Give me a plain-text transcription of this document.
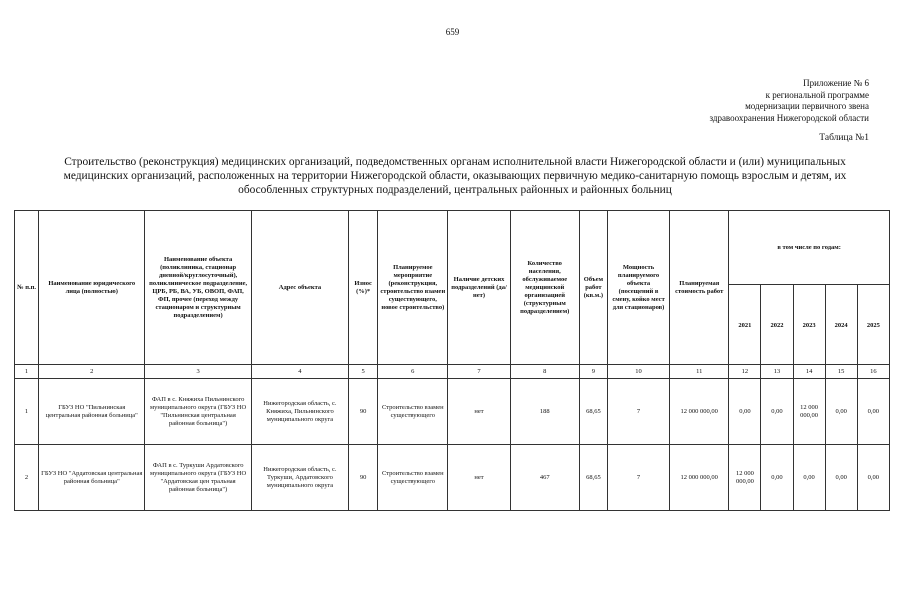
659
Приложение № 6
к региональной программе
модернизации первичного звена
здравоохранения Нижегородской области
Таблица №1
Строительство (реконструкция) медицинских организаций, подведомственных органам исполнительной власти Нижегородской области и (или) муниципальных медицинских организаций, расположенных на территории Нижегородской области, оказывающих первичную медико-санитарную помощь взрослым и детям, их обособленных структурных подразделений, центральных районных и районных больниц
№ п.п.	Наименование юридического лица (полностью)	Наименование объекта (поликлиника, стационар дневной/круглосуточный), поликлиническое подразделение, ЦРБ, РБ, ВА, УБ, ОВОП, ФАП, ФП, прочее (переход между стационаром и структурным подразделением)	Адрес объекта	Износ (%)*	Планируемое мероприятие (реконструкция, строительство взамен существующего, новое строительство)	Наличие детских подразделений (да/нет)	Количество населения, обслуживаемое медицинской организацией (структурным подразделением)	Объем работ (кв.м.)	Мощность планируемого объекта (посещений в смену, койко мест для стационаров)	Планируемая стоимость работ	в том числе по годам:				
											2021	2022	2023	2024	2025
1	2	3	4	5	6	7	8	9	10	11	12	13	14	15	16
1	ГБУЗ НО "Пильнинская центральная районная больница"	ФАП в с. Княжиха Пильнинского муниципального округа (ГБУЗ НО "Пильнинская центральная районная больница")	Нижегородская область, с. Княжиха, Пильнинского муниципального округа	90	Строительство взамен существующего	нет	188	68,65	7	12 000 000,00	0,00	0,00	12 000 000,00	0,00	0,00
2	ГБУЗ НО "Ардатовская центральная районная больница"	ФАП в с. Туркуши Ардатовского муниципального округа (ГБУЗ НО "Ардатовская цен тральная районная больница")	Нижегородская область, с. Туркуши, Ардатовского муниципального округа	90	Строительство взамен существующего	нет	467	68,65	7	12 000 000,00	12 000 000,00	0,00	0,00	0,00	0,00
